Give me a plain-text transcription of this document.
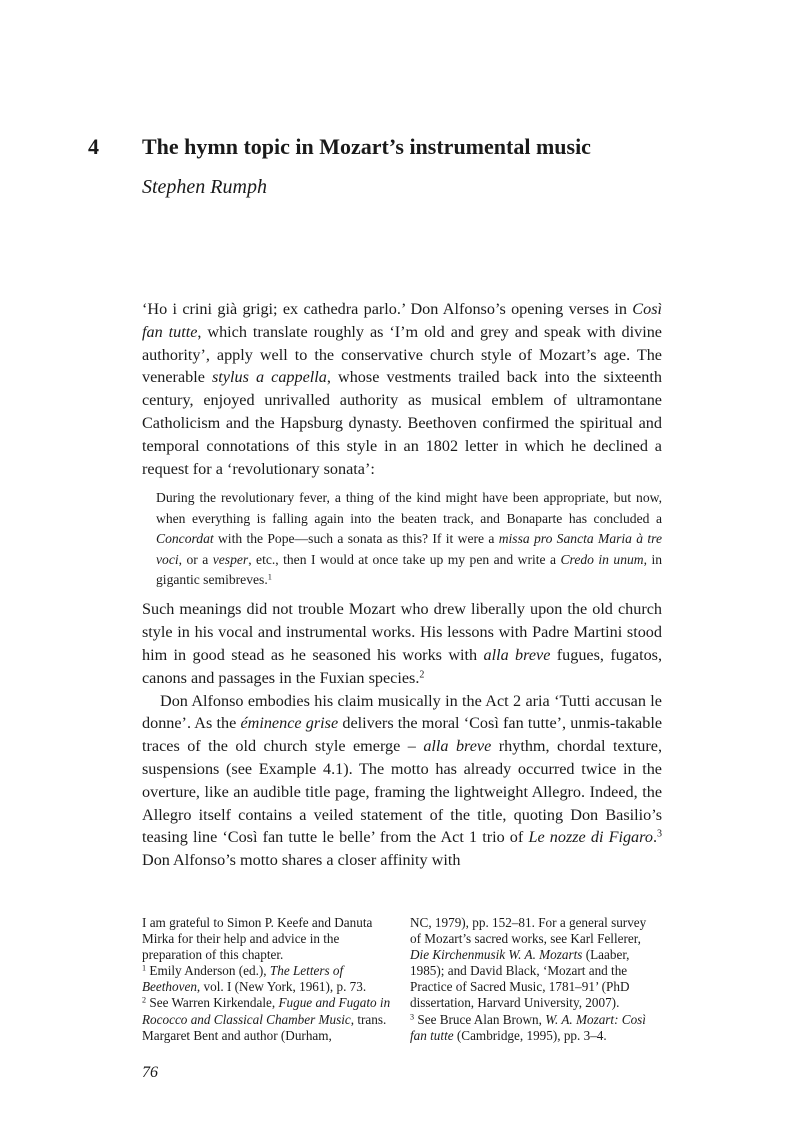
4 The hymn topic in Mozart’s instrumental music
Stephen Rumph

‘Ho i crini già grigi; ex cathedra parlo.’ Don Alfonso’s opening verses in Così fan tutte, which translate roughly as ‘I’m old and grey and speak with divine authority’, apply well to the conservative church style of Mozart’s age. The venerable stylus a cappella, whose vestments trailed back into the sixteenth century, enjoyed unrivalled authority as musical emblem of ultramontane Catholicism and the Hapsburg dynasty. Beethoven confirmed the spiritual and temporal connotations of this style in an 1802 letter in which he declined a request for a ‘revolutionary sonata’:

During the revolutionary fever, a thing of the kind might have been appropriate, but now, when everything is falling again into the beaten track, and Bonaparte has concluded a Concordat with the Pope—such a sonata as this? If it were a missa pro Sancta Maria à tre voci, or a vesper, etc., then I would at once take up my pen and write a Credo in unum, in gigantic semibreves.$^1$

Such meanings did not trouble Mozart who drew liberally upon the old church style in his vocal and instrumental works. His lessons with Padre Martini stood him in good stead as he seasoned his works with alla breve fugues, fugatos, canons and passages in the Fuxian species.$^2$

Don Alfonso embodies his claim musically in the Act 2 aria ‘Tutti accusan le donne’. As the éminence grise delivers the moral ‘Così fan tutte’, unmis-takable traces of the old church style emerge – alla breve rhythm, chordal texture, suspensions (see Example 4.1). The motto has already occurred twice in the overture, like an audible title page, framing the lightweight Allegro. Indeed, the Allegro itself contains a veiled statement of the title, quoting Don Basilio’s teasing line ‘Così fan tutte le belle’ from the Act 1 trio of Le nozze di Figaro.$^3$ Don Alfonso’s motto shares a closer affinity with

I am grateful to Simon P. Keefe and Danuta Mirka for their help and advice in the preparation of this chapter.

$^1$ Emily Anderson (ed.), The Letters of Beethoven, vol. I (New York, 1961), p. 73.

$^2$ See Warren Kirkendale, Fugue and Fugato in Rococco and Classical Chamber Music, trans. Margaret Bent and author (Durham,

NC, 1979), pp. 152–81. For a general survey of Mozart’s sacred works, see Karl Fellerer, Die Kirchenmusik W. A. Mozarts (Laaber, 1985); and David Black, ‘Mozart and the Practice of Sacred Music, 1781–91’ (PhD dissertation, Harvard University, 2007).

$^3$ See Bruce Alan Brown, W. A. Mozart: Così fan tutte (Cambridge, 1995), pp. 3–4.

76
